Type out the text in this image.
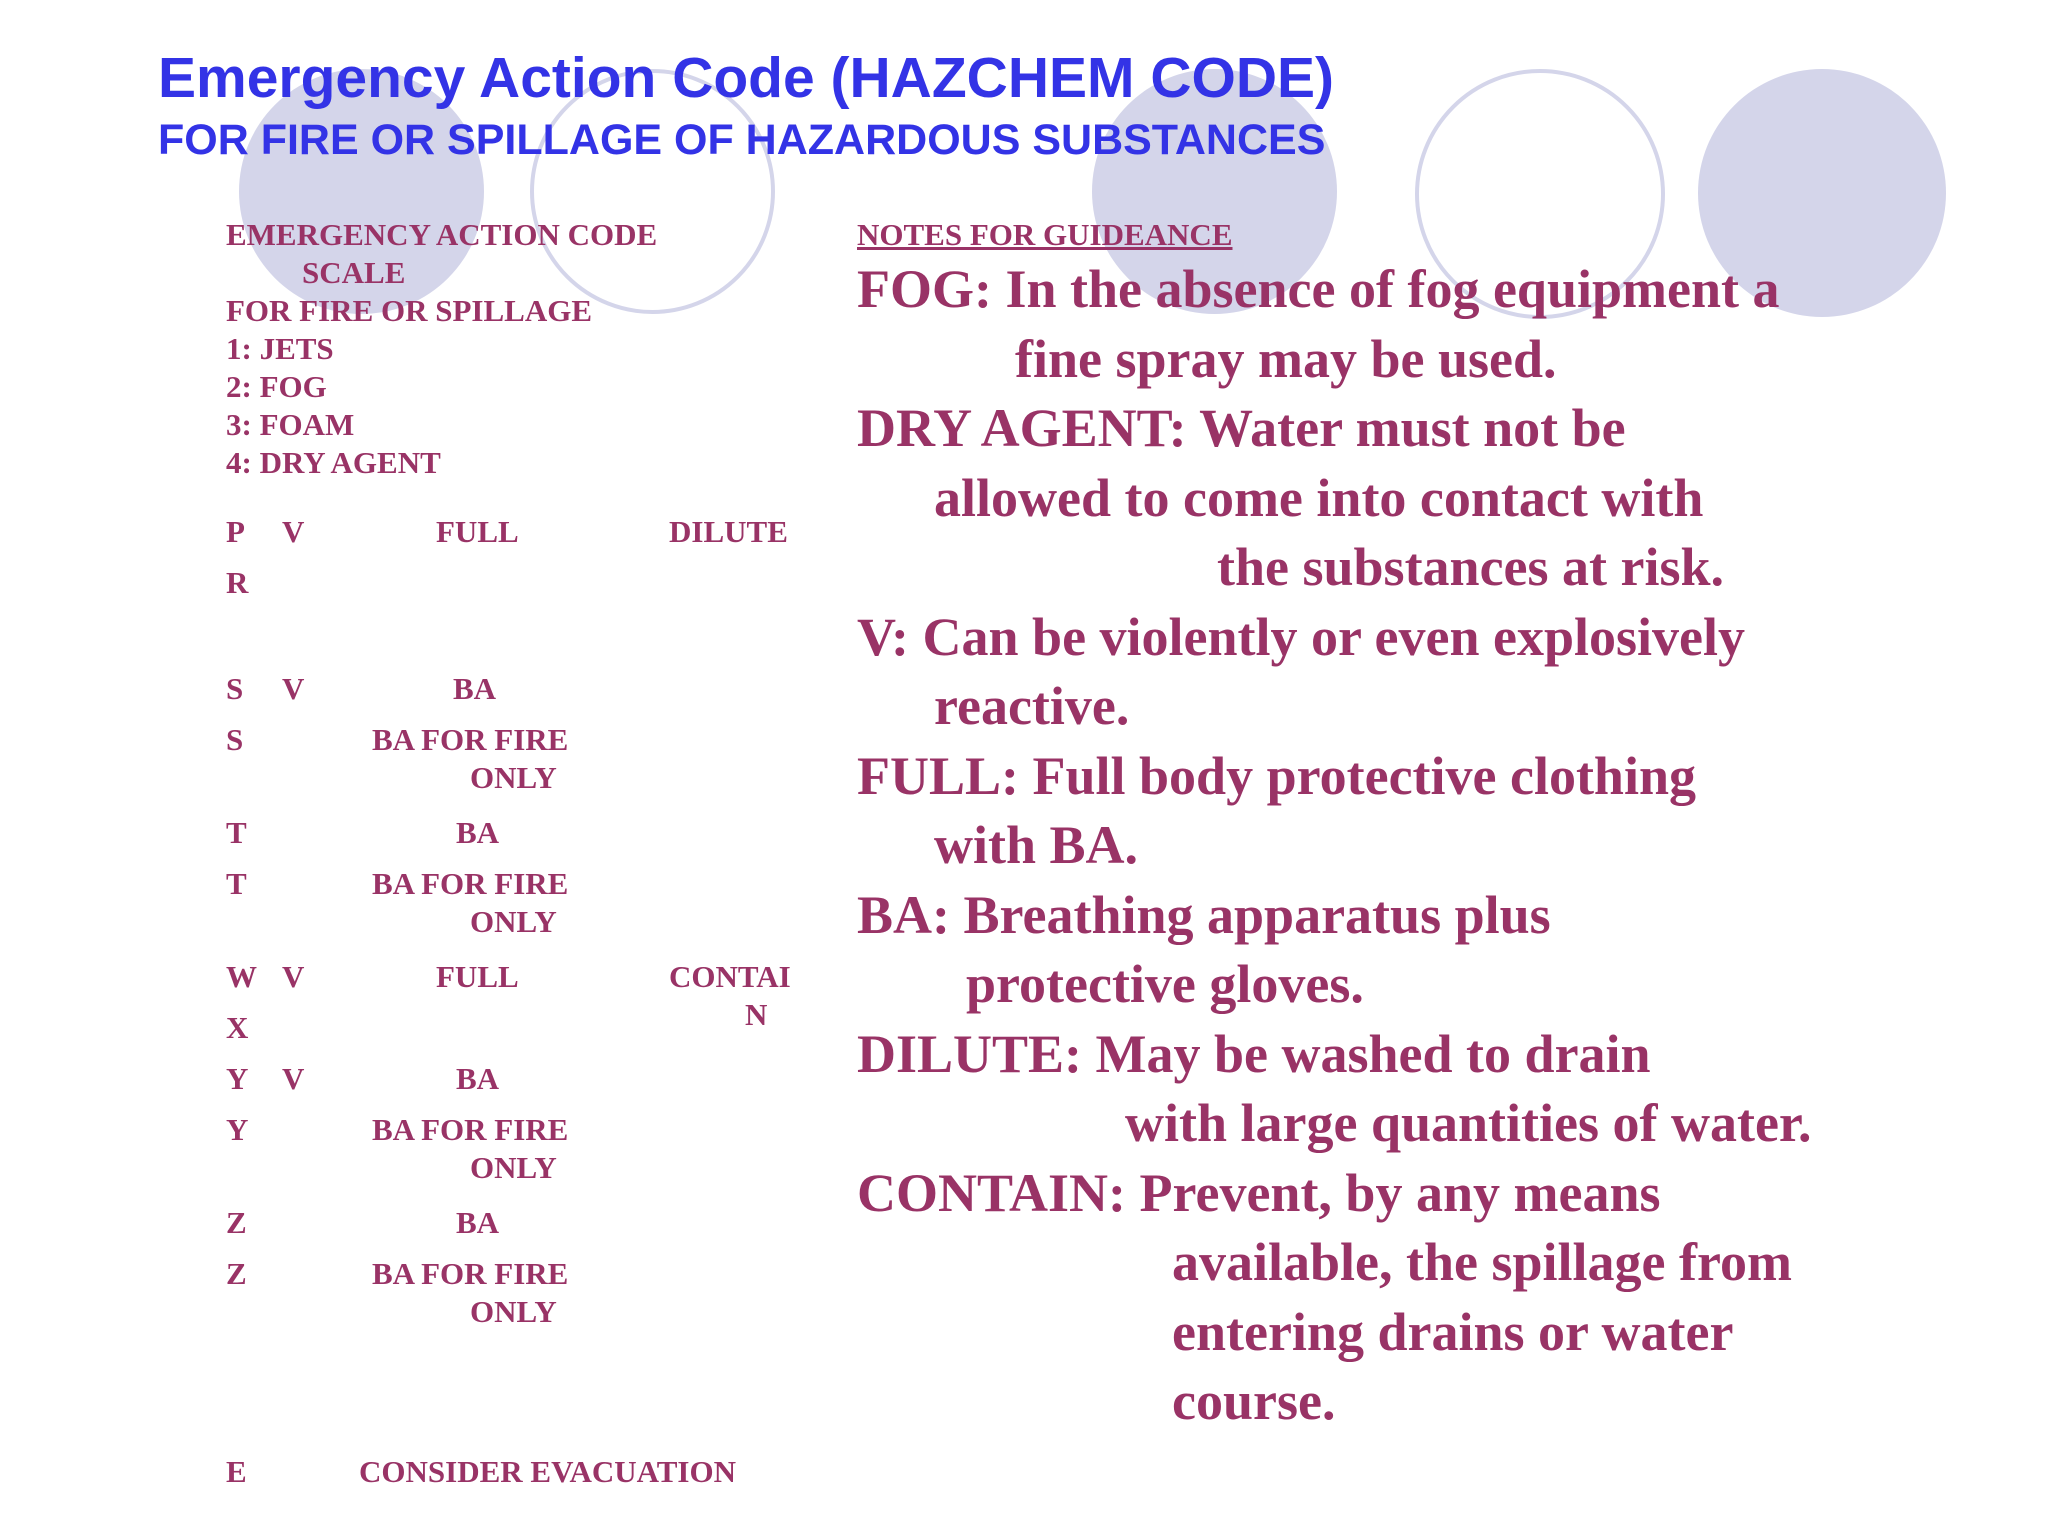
Emergency Action Code (HAZCHEM CODE)
FOR FIRE OR SPILLAGE OF HAZARDOUS SUBSTANCES
EMERGENCY ACTION CODE
SCALE
FOR FIRE OR SPILLAGE
1: JETS
2: FOG
3: FOAM
4: DRY AGENT
P V	FULL	DILUTE
R
S V	BA
S	BA FOR FIRE
ONLY
T	BA
T	BA FOR FIRE
ONLY
W V	FULL	CONTAI
N
X
Y V	BA
Y	BA FOR FIRE
ONLY
Z	BA
Z	BA FOR FIRE
ONLY
E	CONSIDER EVACUATION
NOTES FOR GUIDEANCE
FOG: In the absence of fog equipment a
fine spray may be used.
DRY AGENT: Water must not be
allowed to come into contact with
the substances at risk.
V: Can be violently or even explosively
reactive.
FULL: Full body protective clothing
with BA.
BA: Breathing apparatus plus
protective gloves.
DILUTE: May be washed to drain
with large quantities of water.
CONTAIN: Prevent, by any means
available, the spillage from
entering drains or water
course.
